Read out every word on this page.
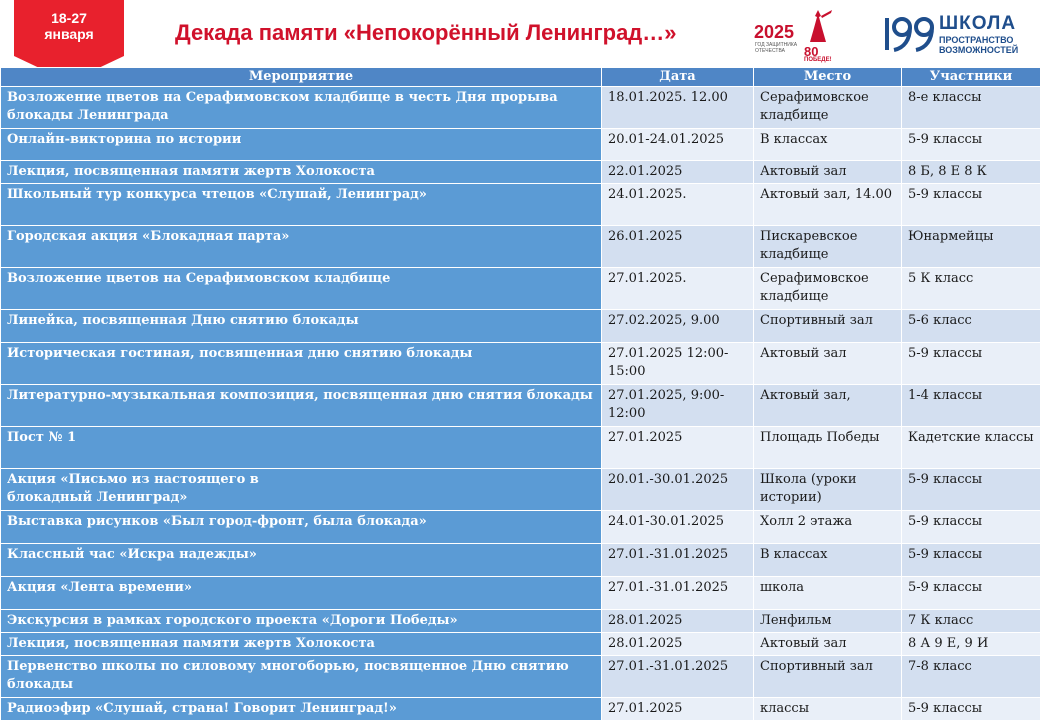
18-27
января	Декада памяти «Непокорённый Ленинград…»	2025
ГОД ЗАЩИТНИКА ОТЕЧЕСТВА	80
ПОБЕДЕ!
ШКОЛА
ПРОСТРАНСТВО
ВОЗМОЖНОСТЕЙ
Мероприятие	Дата	Место	Участники
Возложение цветов на Серафимовском кладбище в честь Дня прорыва блокады Ленинграда	18.01.2025. 12.00	Серафимовское кладбище	8-е классы
Онлайн-викторина по истории	20.01-24.01.2025	В классах	5-9 классы
Лекция, посвященная памяти жертв Холокоста	22.01.2025	Актовый зал	8 Б, 8 Е 8 К
Школьный тур конкурса чтецов «Слушай, Ленинград»	24.01.2025.	Актовый зал, 14.00	5-9 классы
Городская акция «Блокадная парта»	26.01.2025	Пискаревское кладбище	Юнармейцы
Возложение цветов на Серафимовском кладбище	27.01.2025.	Серафимовское кладбище	5 К класс
Линейка, посвященная Дню снятию блокады	27.02.2025, 9.00	Спортивный зал	5-6 класс
Историческая гостиная, посвященная дню снятию блокады	27.01.2025 12:00-15:00	Актовый зал	5-9 классы
Литературно-музыкальная композиция, посвященная дню снятия блокады	27.01.2025, 9:00-12:00	Актовый зал,	1-4 классы
Пост № 1	27.01.2025	Площадь Победы	Кадетские классы

Акция «Письмо из настоящего в блокадный Ленинград»	20.01.-30.01.2025	Школа (уроки истории)	5-9 классы
Выставка рисунков «Был город-фронт, была блокада»	24.01-30.01.2025	Холл 2 этажа	5-9 классы
Классный час «Искра надежды»	27.01.-31.01.2025	В классах	5-9 классы
Акция «Лента времени»	27.01.-31.01.2025	школа	5-9 классы
Экскурсия в рамках городского проекта «Дороги Победы»	28.01.2025	Ленфильм	7 К класс
Лекция, посвященная памяти жертв Холокоста	28.01.2025	Актовый зал	8 А 9 Е, 9 И
Первенство школы по силовому многоборью, посвященное Дню снятию блокады	27.01.-31.01.2025	Спортивный зал	7-8 класс
Радиоэфир «Слушай, страна! Говорит Ленинград!»	27.01.2025	классы	5-9 классы
